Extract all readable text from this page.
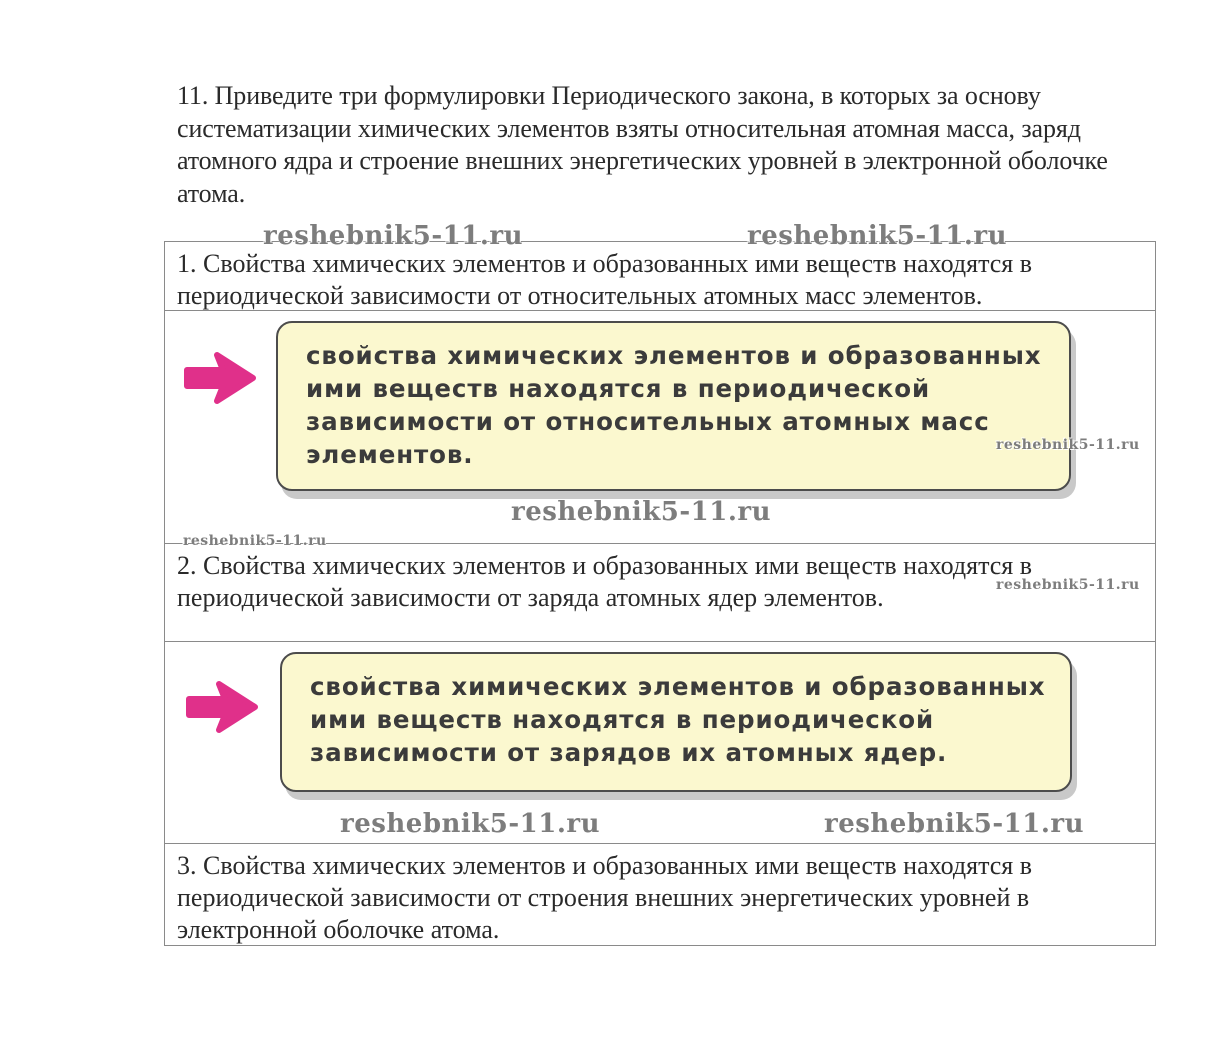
11. Приведите три формулировки Периодического закона, в которых за основу систематизации химических элементов взяты относительная атомная масса, заряд атомного ядра и строение внешних энергетических уровней в электронной оболочке атома.
1. Свойства химических элементов и образованных ими веществ находятся в периодической зависимости от относительных атомных масс элементов.
2. Свойства химических элементов и образованных ими веществ находятся в периодической зависимости от заряда атомных ядер элементов.
3. Свойства химических элементов и образованных ими веществ находятся в периодической зависимости от строения внешних энергетических уровней в электронной оболочке атома.
свойства химических элементов и образованных ими веществ находятся в периодической зависимости от относительных атомных масс элементов.
свойства химических элементов и образованных ими веществ находятся в периодической зависимости от зарядов их атомных ядер.
reshebnik5-11.ru	reshebnik5-11.ru
reshebnik5-11.ru
reshebnik5-11.ru
reshebnik5-11.ru
reshebnik5-11.ru
reshebnik5-11.ru	reshebnik5-11.ru
